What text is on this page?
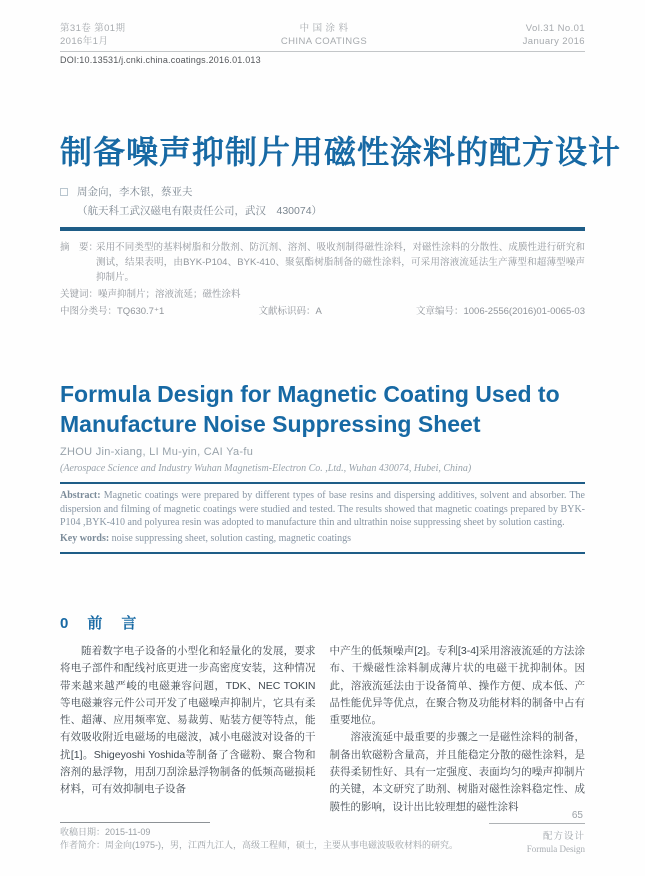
第31卷 第01期
2016年1月
中 国 涂 料
CHINA COATINGS
Vol.31 No.01
January 2016
DOI:10.13531/j.cnki.china.coatings.2016.01.013
制备噪声抑制片用磁性涂料的配方设计
周金向，李木银，蔡亚夫
（航天科工武汉磁电有限责任公司，武汉　430074）
摘　要：
采用不同类型的基料树脂和分散剂、防沉剂、溶剂、吸收剂制得磁性涂料，对磁性涂料的分散性、成膜性进行研究和测试，结果表明，由BYK-P104、BYK-410、聚氨酯树脂制备的磁性涂料，可采用溶液流延法生产薄型和超薄型噪声抑制片。
关键词：噪声抑制片；溶液流延；磁性涂料
中图分类号：TQ630.7⁺1	文献标识码：A	文章编号：1006-2556(2016)01-0065-03
Formula Design for Magnetic Coating Used to Manufacture Noise Suppressing Sheet
ZHOU Jin-xiang, LI Mu-yin, CAI Ya-fu
(Aerospace Science and Industry Wuhan Magnetism-Electron Co. ,Ltd., Wuhan 430074, Hubei, China)

Abstract: Magnetic coatings were prepared by different types of base resins and dispersing additives, solvent and absorber. The dispersion and filming of magnetic coatings were studied and tested. The results showed that magnetic coatings prepared by BYK-P104 ,BYK-410 and polyurea resin was adopted to manufacture thin and ultrathin noise suppressing sheet by solution casting.

Key words: noise suppressing sheet, solution casting, magnetic coatings

0　前　言

随着数字电子设备的小型化和轻量化的发展，要求将电子部件和配线衬底更进一步高密度安装，这种情况带来越来越严峻的电磁兼容问题，TDK、NEC TOKIN等电磁兼容元件公司开发了电磁噪声抑制片，它具有柔性、超薄、应用频率宽、易裁剪、贴装方便等特点，能有效吸收附近电磁场的电磁波，减小电磁波对设备的干扰[1]。Shigeyoshi Yoshida等制备了含磁粉、聚合物和溶剂的悬浮物，用刮刀刮涂悬浮物制备的低频高磁损耗材料，可有效抑制电子设备

中产生的低频噪声[2]。专利[3-4]采用溶液流延的方法涂布、干燥磁性涂料制成薄片状的电磁干扰抑制体。因此，溶液流延法由于设备简单、操作方便、成本低、产品性能优异等优点，在聚合物及功能材料的制备中占有重要地位。

溶液流延中最重要的步骤之一是磁性涂料的制备，制备出软磁粉含量高，并且能稳定分散的磁性涂料，是获得柔韧性好、具有一定强度、表面均匀的噪声抑制片的关键，本文研究了助剂、树脂对磁性涂料稳定性、成膜性的影响，设计出比较理想的磁性涂料

收稿日期：2015-11-09
作者简介：周金向(1975-)，男，江西九江人，高级工程师，硕士，主要从事电磁波吸收材料的研究。
65
配方设计
Formula Design
